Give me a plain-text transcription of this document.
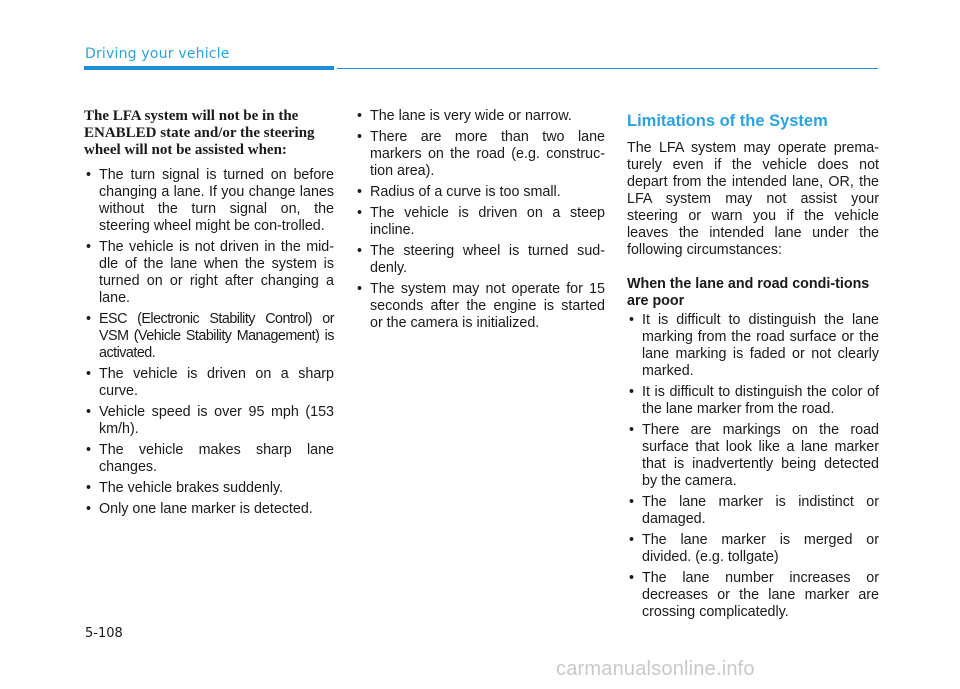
Driving your vehicle
The LFA system will not be in the ENABLED state and/or the steering wheel will not be assisted when:
• The turn signal is turned on before changing a lane. If you change lanes without the turn signal on, the steering wheel might be con-trolled.
• The vehicle is not driven in the mid-dle of the lane when the system is turned on or right after changing a lane.
• ESC (Electronic Stability Control) or VSM (Vehicle Stability Management) is activated.
• The vehicle is driven on a sharp curve.
• Vehicle speed is over 95 mph (153 km/h).
• The vehicle makes sharp lane changes.
• The vehicle brakes suddenly.
• Only one lane marker is detected.
• The lane is very wide or narrow.
• There are more than two lane markers on the road (e.g. construc-tion area).
• Radius of a curve is too small.
• The vehicle is driven on a steep incline.
• The steering wheel is turned sud-denly.
• The system may not operate for 15 seconds after the engine is started or the camera is initialized.
Limitations of the System

The LFA system may operate prema-turely even if the vehicle does not depart from the intended lane, OR, the LFA system may not assist your steering or warn you if the vehicle leaves the intended lane under the following circumstances:

When the lane and road condi-tions are poor
• It is difficult to distinguish the lane marking from the road surface or the lane marking is faded or not clearly marked.
• It is difficult to distinguish the color of the lane marker from the road.
• There are markings on the road surface that look like a lane marker that is inadvertently being detected by the camera.
• The lane marker is indistinct or damaged.
• The lane marker is merged or divided. (e.g. tollgate)
• The lane number increases or decreases or the lane marker are crossing complicatedly.
5-108
carmanualsonline.info
